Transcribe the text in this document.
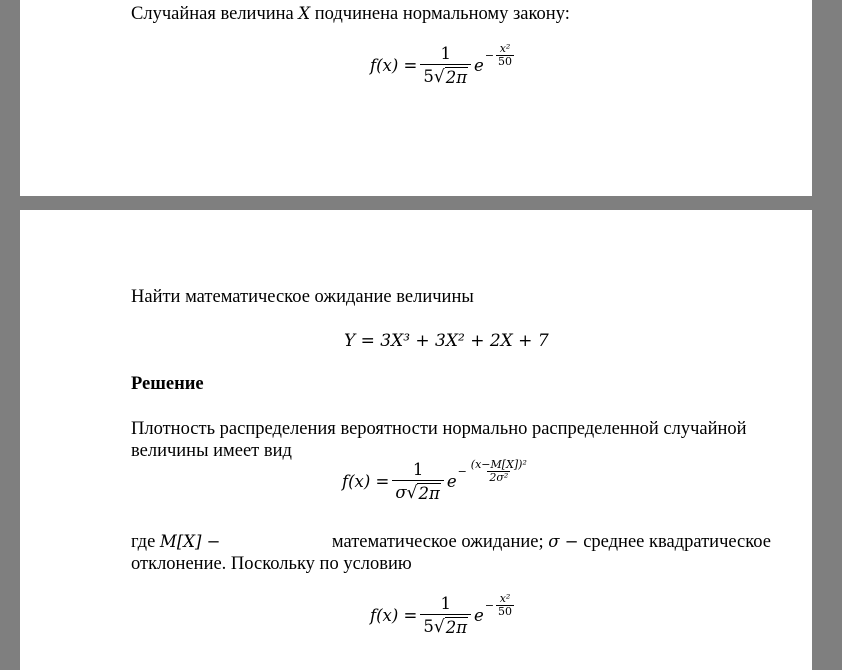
Случайная величина X подчинена нормальному закону:
$f(x) = \frac{1}{5 √ 2\pi}$ e
− $\frac{\text{x²}}{50}$
Найти математическое ожидание величины
Y = 3X³ + 3X² + 2X + 7
Решение
Плотность распределения вероятности нормально распределенной случайной
величины имеет вид
$f(x) = \frac{1}{\sigma √ 2\pi}$ e
− $\frac{\text{(x−M[X])²}}{\text{2σ²}}$
где M[X] −	математическое ожидание; σ − среднее квадратическое
отклонение. Поскольку по условию
$f(x) = \frac{1}{5 √ 2\pi}$ e
− $\frac{\text{x²}}{50}$
